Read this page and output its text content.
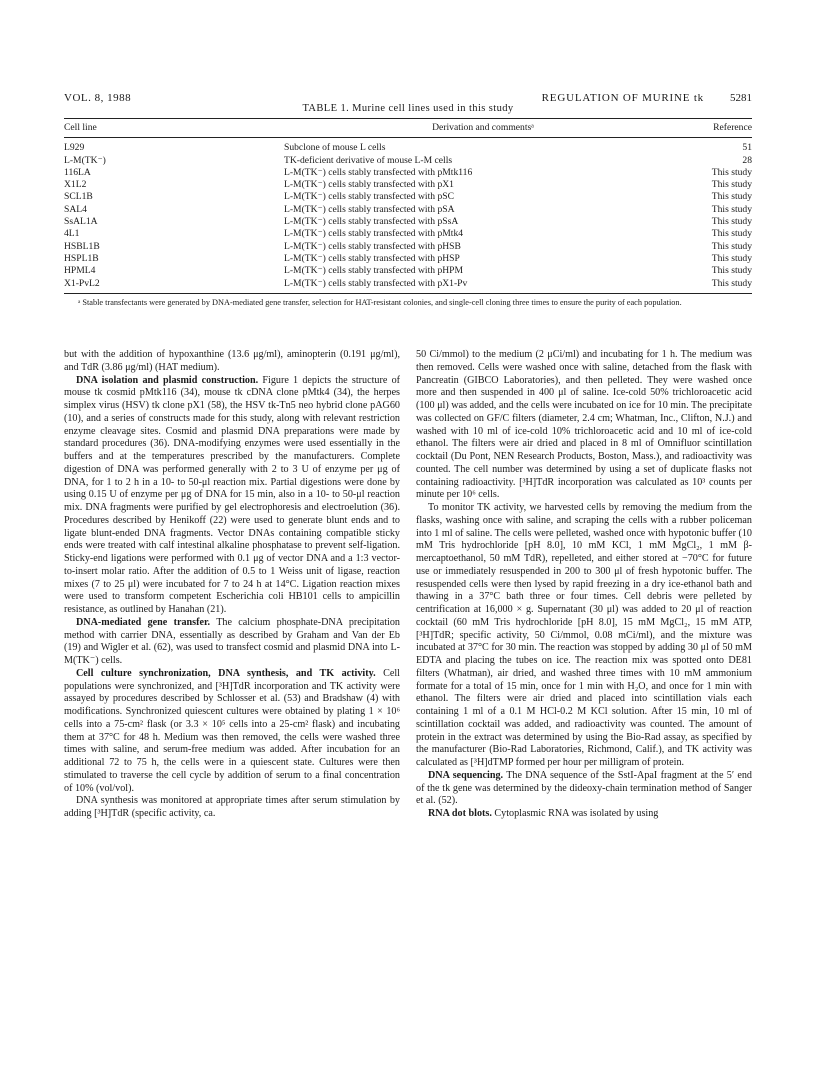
VOL. 8, 1988	REGULATION OF MURINE tk 5281
TABLE 1. Murine cell lines used in this study
Cell line	Derivation and commentsᵃ	Reference
L929	Subclone of mouse L cells	51
L-M(TK⁻)	TK-deficient derivative of mouse L-M cells	28
116LA	L-M(TK⁻) cells stably transfected with pMtk116	This study
X1L2	L-M(TK⁻) cells stably transfected with pX1	This study
SCL1B	L-M(TK⁻) cells stably transfected with pSC	This study
SAL4	L-M(TK⁻) cells stably transfected with pSA	This study
SsAL1A	L-M(TK⁻) cells stably transfected with pSsA	This study
4L1	L-M(TK⁻) cells stably transfected with pMtk4	This study
HSBL1B	L-M(TK⁻) cells stably transfected with pHSB	This study
HSPL1B	L-M(TK⁻) cells stably transfected with pHSP	This study
HPML4	L-M(TK⁻) cells stably transfected with pHPM	This study
X1-PvL2	L-M(TK⁻) cells stably transfected with pX1-Pv	This study
ᵃ Stable transfectants were generated by DNA-mediated gene transfer, selection for HAT-resistant colonies, and single-cell cloning three times to ensure the purity of each population.

but with the addition of hypoxanthine (13.6 μg/ml), aminopterin (0.191 μg/ml), and TdR (3.86 μg/ml) (HAT medium).

DNA isolation and plasmid construction. Figure 1 depicts the structure of mouse tk cosmid pMtk116 (34), mouse tk cDNA clone pMtk4 (34), the herpes simplex virus (HSV) tk clone pX1 (58), the HSV tk-Tn5 neo hybrid clone pAG60 (10), and a series of constructs made for this study, along with relevant restriction enzyme cleavage sites. Cosmid and plasmid DNA preparations were made by standard procedures (36). DNA-modifying enzymes were used essentially in the buffers and at the temperatures prescribed by the manufacturers. Complete digestion of DNA was performed generally with 2 to 3 U of enzyme per μg of DNA, for 1 to 2 h in a 10- to 50-μl reaction mix. Partial digestions were done by using 0.15 U of enzyme per μg of DNA for 15 min, also in a 10- to 50-μl reaction mix. DNA fragments were purified by gel electrophoresis and electroelution (36). Procedures described by Henikoff (22) were used to generate blunt ends and to ligate blunt-ended DNA fragments. Vector DNAs containing compatible sticky ends were treated with calf intestinal alkaline phosphatase to prevent self-ligation. Sticky-end ligations were performed with 0.1 μg of vector DNA and a 1:3 vector-to-insert molar ratio. After the addition of 0.5 to 1 Weiss unit of ligase, reaction mixes (7 to 25 μl) were incubated for 7 to 24 h at 14°C. Ligation reaction mixes were used to transform competent Escherichia coli HB101 cells to ampicillin resistance, as outlined by Hanahan (21).

DNA-mediated gene transfer. The calcium phosphate-DNA precipitation method with carrier DNA, essentially as described by Graham and Van der Eb (19) and Wigler et al. (62), was used to transfect cosmid and plasmid DNA into L-M(TK⁻) cells.

Cell culture synchronization, DNA synthesis, and TK activity. Cell populations were synchronized, and [³H]TdR incorporation and TK activity were assayed by procedures described by Schlosser et al. (53) and Bradshaw (4) with modifications. Synchronized quiescent cultures were obtained by plating 1 × 10⁶ cells into a 75-cm² flask (or 3.3 × 10⁵ cells into a 25-cm² flask) and incubating them at 37°C for 48 h. Medium was then removed, the cells were washed three times with saline, and serum-free medium was added. After incubation for an additional 72 to 75 h, the cells were in a quiescent state. Cultures were then stimulated to traverse the cell cycle by addition of serum to a final concentration of 10% (vol/vol).

DNA synthesis was monitored at appropriate times after serum stimulation by adding [³H]TdR (specific activity, ca.

50 Ci/mmol) to the medium (2 μCi/ml) and incubating for 1 h. The medium was then removed. Cells were washed once with saline, detached from the flask with Pancreatin (GIBCO Laboratories), and then pelleted. They were washed once more and then suspended in 400 μl of saline. Ice-cold 50% trichloroacetic acid (100 μl) was added, and the cells were incubated on ice for 10 min. The precipitate was collected on GF/C filters (diameter, 2.4 cm; Whatman, Inc., Clifton, N.J.) and washed with 10 ml of ice-cold 10% trichloroacetic acid and 10 ml of ice-cold ethanol. The filters were air dried and placed in 8 ml of Omnifluor scintillation cocktail (Du Pont, NEN Research Products, Boston, Mass.), and radioactivity was counted. The cell number was determined by using a set of duplicate flasks not containing radioactivity. [³H]TdR incorporation was calculated as 10³ counts per minute per 10⁶ cells.

To monitor TK activity, we harvested cells by removing the medium from the flasks, washing once with saline, and scraping the cells with a rubber policeman into 1 ml of saline. The cells were pelleted, washed once with hypotonic buffer (10 mM Tris hydrochloride [pH 8.0], 10 mM KCl, 1 mM MgCl₂, 1 mM β-mercaptoethanol, 50 mM TdR), repelleted, and either stored at −70°C for future use or immediately resuspended in 200 to 300 μl of fresh hypotonic buffer. The resuspended cells were then lysed by rapid freezing in a dry ice-ethanol bath and thawing in a 37°C bath three or four times. Cell debris were pelleted by centrification at 16,000 × g. Supernatant (30 μl) was added to 20 μl of reaction cocktail (60 mM Tris hydrochloride [pH 8.0], 15 mM MgCl₂, 15 mM ATP, [³H]TdR; specific activity, 50 Ci/mmol, 0.08 mCi/ml), and the mixture was incubated at 37°C for 30 min. The reaction was stopped by adding 30 μl of 50 mM EDTA and placing the tubes on ice. The reaction mix was spotted onto DE81 filters (Whatman), air dried, and washed three times with 10 mM ammonium formate for a total of 15 min, once for 1 min with H₂O, and once for 1 min with ethanol. The filters were air dried and placed into scintillation vials each containing 1 ml of a 0.1 M HCl-0.2 M KCl solution. After 15 min, 10 ml of scintillation cocktail was added, and radioactivity was counted. The amount of protein in the extract was determined by using the Bio-Rad assay, as specified by the manufacturer (Bio-Rad Laboratories, Richmond, Calif.), and TK activity was calculated as [³H]dTMP formed per hour per milligram of protein.

DNA sequencing. The DNA sequence of the SstI-ApaI fragment at the 5′ end of the tk gene was determined by the dideoxy-chain termination method of Sanger et al. (52).

RNA dot blots. Cytoplasmic RNA was isolated by using
